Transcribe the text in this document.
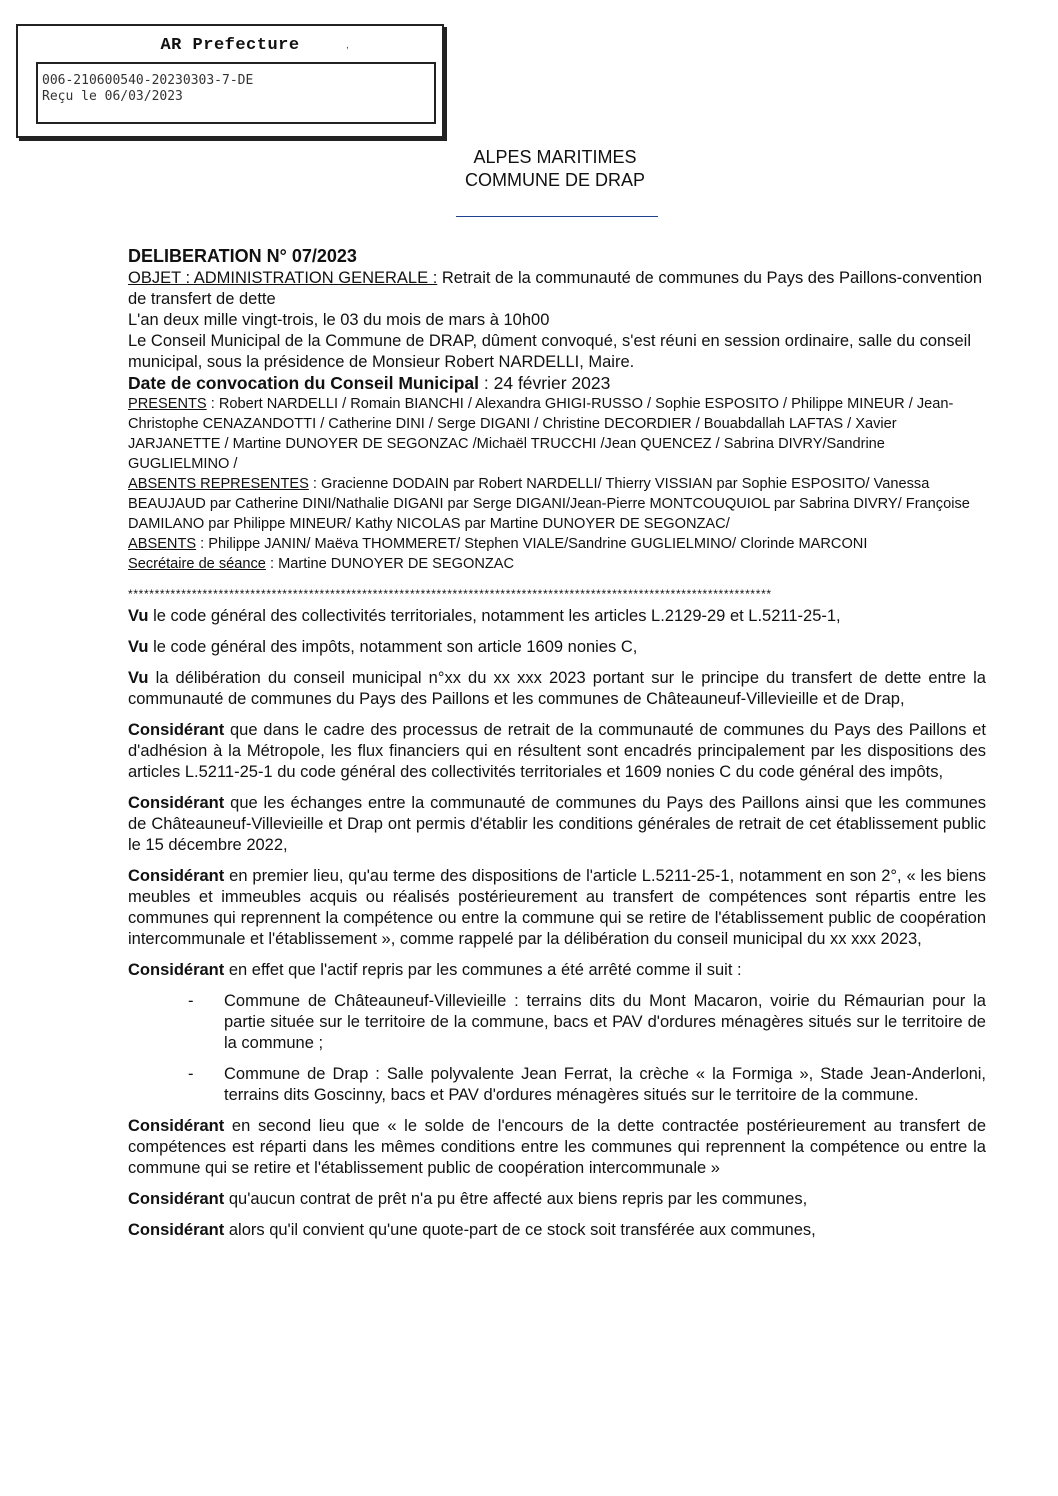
AR Prefecture	,
006-210600540-20230303-7-DE
Reçu le 06/03/2023
ALPES MARITIMES
COMMUNE DE DRAP
DELIBERATION N° 07/2023

OBJET : ADMINISTRATION GENERALE : Retrait de la communauté de communes du Pays des Paillons-convention de transfert de dette

L'an deux mille vingt-trois, le 03 du mois de mars à 10h00

Le Conseil Municipal de la Commune de DRAP, dûment convoqué, s'est réuni en session ordinaire, salle du conseil municipal, sous la présidence de Monsieur Robert NARDELLI, Maire.

Date de convocation du Conseil Municipal : 24 février 2023

PRESENTS : Robert NARDELLI / Romain BIANCHI / Alexandra GHIGI-RUSSO / Sophie ESPOSITO / Philippe MINEUR / Jean-Christophe CENAZANDOTTI / Catherine DINI / Serge DIGANI / Christine DECORDIER / Bouabdallah LAFTAS / Xavier JARJANETTE / Martine DUNOYER DE SEGONZAC /Michaël TRUCCHI /Jean QUENCEZ / Sabrina DIVRY/Sandrine GUGLIELMINO /

ABSENTS REPRESENTES : Gracienne DODAIN par Robert NARDELLI/ Thierry VISSIAN par Sophie ESPOSITO/ Vanessa BEAUJAUD par Catherine DINI/Nathalie DIGANI par Serge DIGANI/Jean-Pierre MONTCOUQUIOL par Sabrina DIVRY/ Françoise DAMILANO par Philippe MINEUR/ Kathy NICOLAS par Martine DUNOYER DE SEGONZAC/

ABSENTS : Philippe JANIN/ Maëva THOMMERET/ Stephen VIALE/Sandrine GUGLIELMINO/ Clorinde MARCONI

Secrétaire de séance : Martine DUNOYER DE SEGONZAC

*************************************************************************************************************************

Vu le code général des collectivités territoriales, notamment les articles L.2129-29 et L.5211-25-1,

Vu le code général des impôts, notamment son article 1609 nonies C,

Vu la délibération du conseil municipal n°xx du xx xxx 2023 portant sur le principe du transfert de dette entre la communauté de communes du Pays des Paillons et les communes de Châteauneuf-Villevieille et de Drap,

Considérant que dans le cadre des processus de retrait de la communauté de communes du Pays des Paillons et d'adhésion à la Métropole, les flux financiers qui en résultent sont encadrés principalement par les dispositions des articles L.5211-25-1 du code général des collectivités territoriales et 1609 nonies C du code général des impôts,

Considérant que les échanges entre la communauté de communes du Pays des Paillons ainsi que les communes de Châteauneuf-Villevieille et Drap ont permis d'établir les conditions générales de retrait de cet établissement public le 15 décembre 2022,

Considérant en premier lieu, qu'au terme des dispositions de l'article L.5211-25-1, notamment en son 2°, « les biens meubles et immeubles acquis ou réalisés postérieurement au transfert de compétences sont répartis entre les communes qui reprennent la compétence ou entre la commune qui se retire de l'établissement public de coopération intercommunale et l'établissement », comme rappelé par la délibération du conseil municipal du xx xxx 2023,

Considérant en effet que l'actif repris par les communes a été arrêté comme il suit :

- Commune de Châteauneuf-Villevieille : terrains dits du Mont Macaron, voirie du Rémaurian pour la partie située sur le territoire de la commune, bacs et PAV d'ordures ménagères situés sur le territoire de la commune ;
- Commune de Drap : Salle polyvalente Jean Ferrat, la crèche « la Formiga », Stade Jean-Anderloni, terrains dits Goscinny, bacs et PAV d'ordures ménagères situés sur le territoire de la commune.

Considérant en second lieu que « le solde de l'encours de la dette contractée postérieurement au transfert de compétences est réparti dans les mêmes conditions entre les communes qui reprennent la compétence ou entre la commune qui se retire et l'établissement public de coopération intercommunale »

Considérant qu'aucun contrat de prêt n'a pu être affecté aux biens repris par les communes,

Considérant alors qu'il convient qu'une quote-part de ce stock soit transférée aux communes,
